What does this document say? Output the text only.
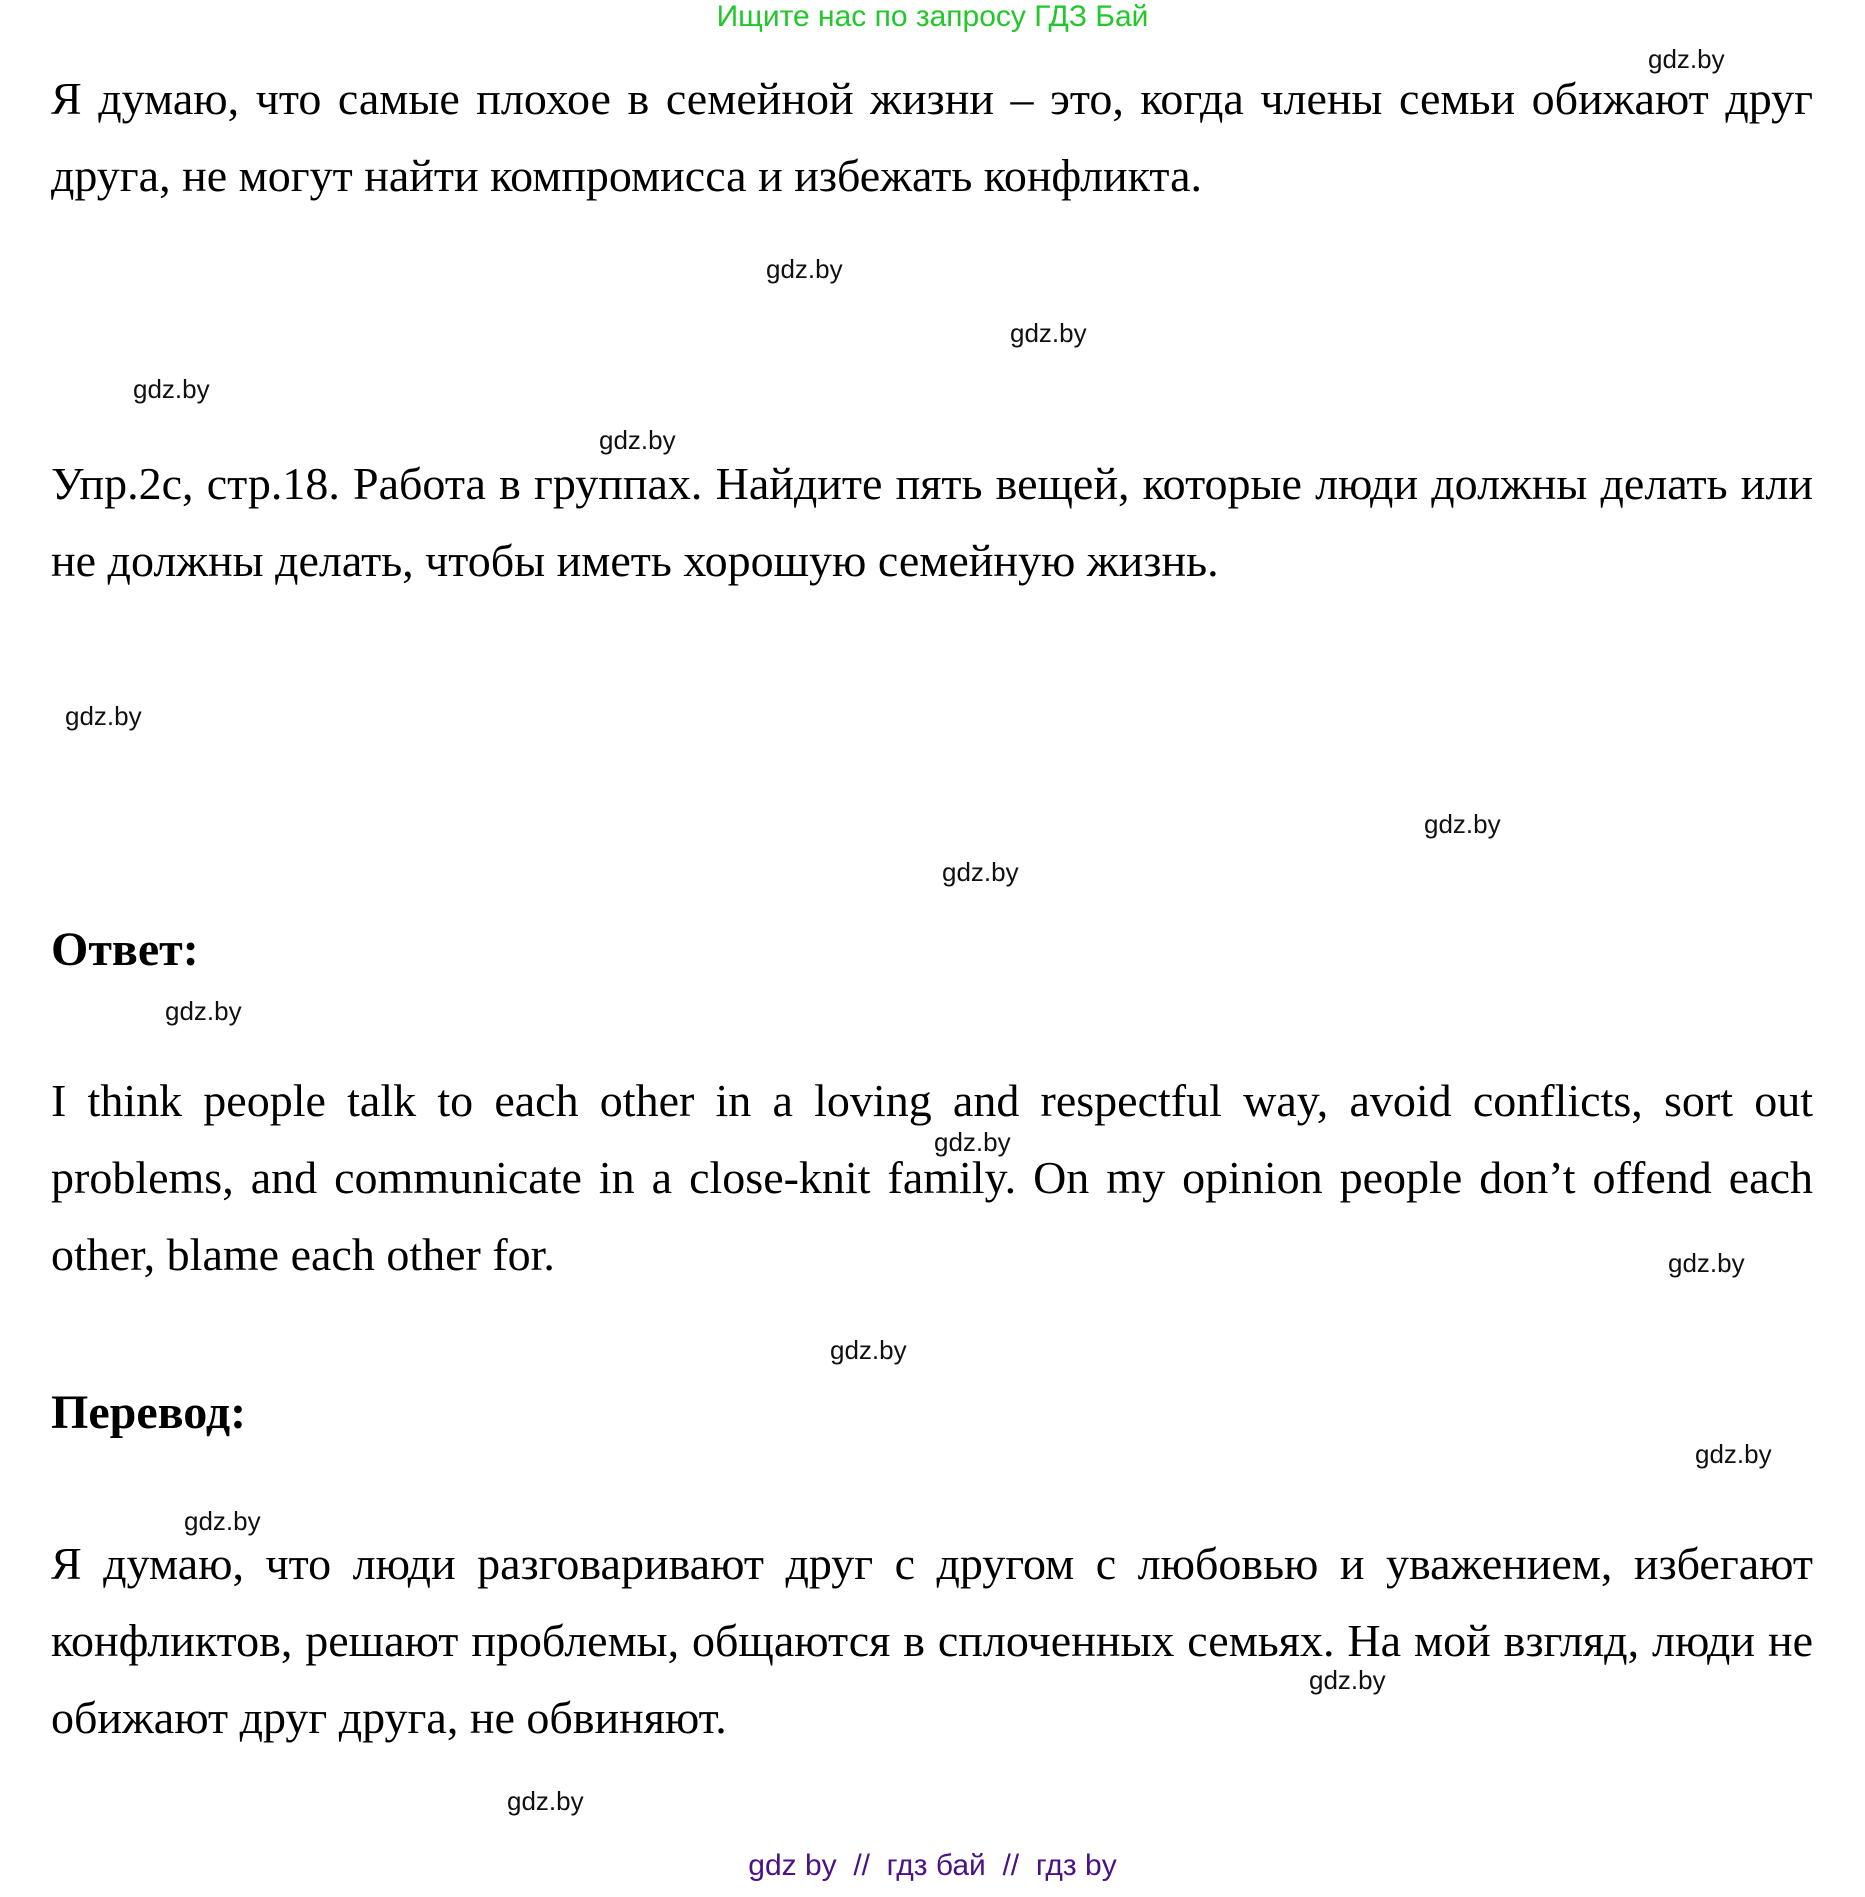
Ищите нас по запросу ГДЗ Бай
Я думаю, что самые плохое в семейной жизни – это, когда члены семьи обижают друг друга, не могут найти компромисса и избежать конфликта.
Упр.2с, стр.18. Работа в группах. Найдите пять вещей, которые люди должны делать или не должны делать, чтобы иметь хорошую семейную жизнь.
Ответ:
I think people talk to each other in a loving and respectful way, avoid conflicts, sort out problems, and communicate in a close-knit family. On my opinion people don’t offend each other, blame each other for.
Перевод:
Я думаю, что люди разговаривают друг с другом с любовью и уважением, избегают конфликтов, решают проблемы, общаются в сплоченных семьях. На мой взгляд, люди не обижают друг друга, не обвиняют.
gdz.by
gdz.by
gdz.by
gdz.by
gdz.by
gdz.by
gdz.by
gdz.by
gdz.by
gdz.by
gdz.by
gdz.by
gdz.by
gdz.by
gdz.by
gdz.by
gdz by  //  гдз бай  //  гдз by
